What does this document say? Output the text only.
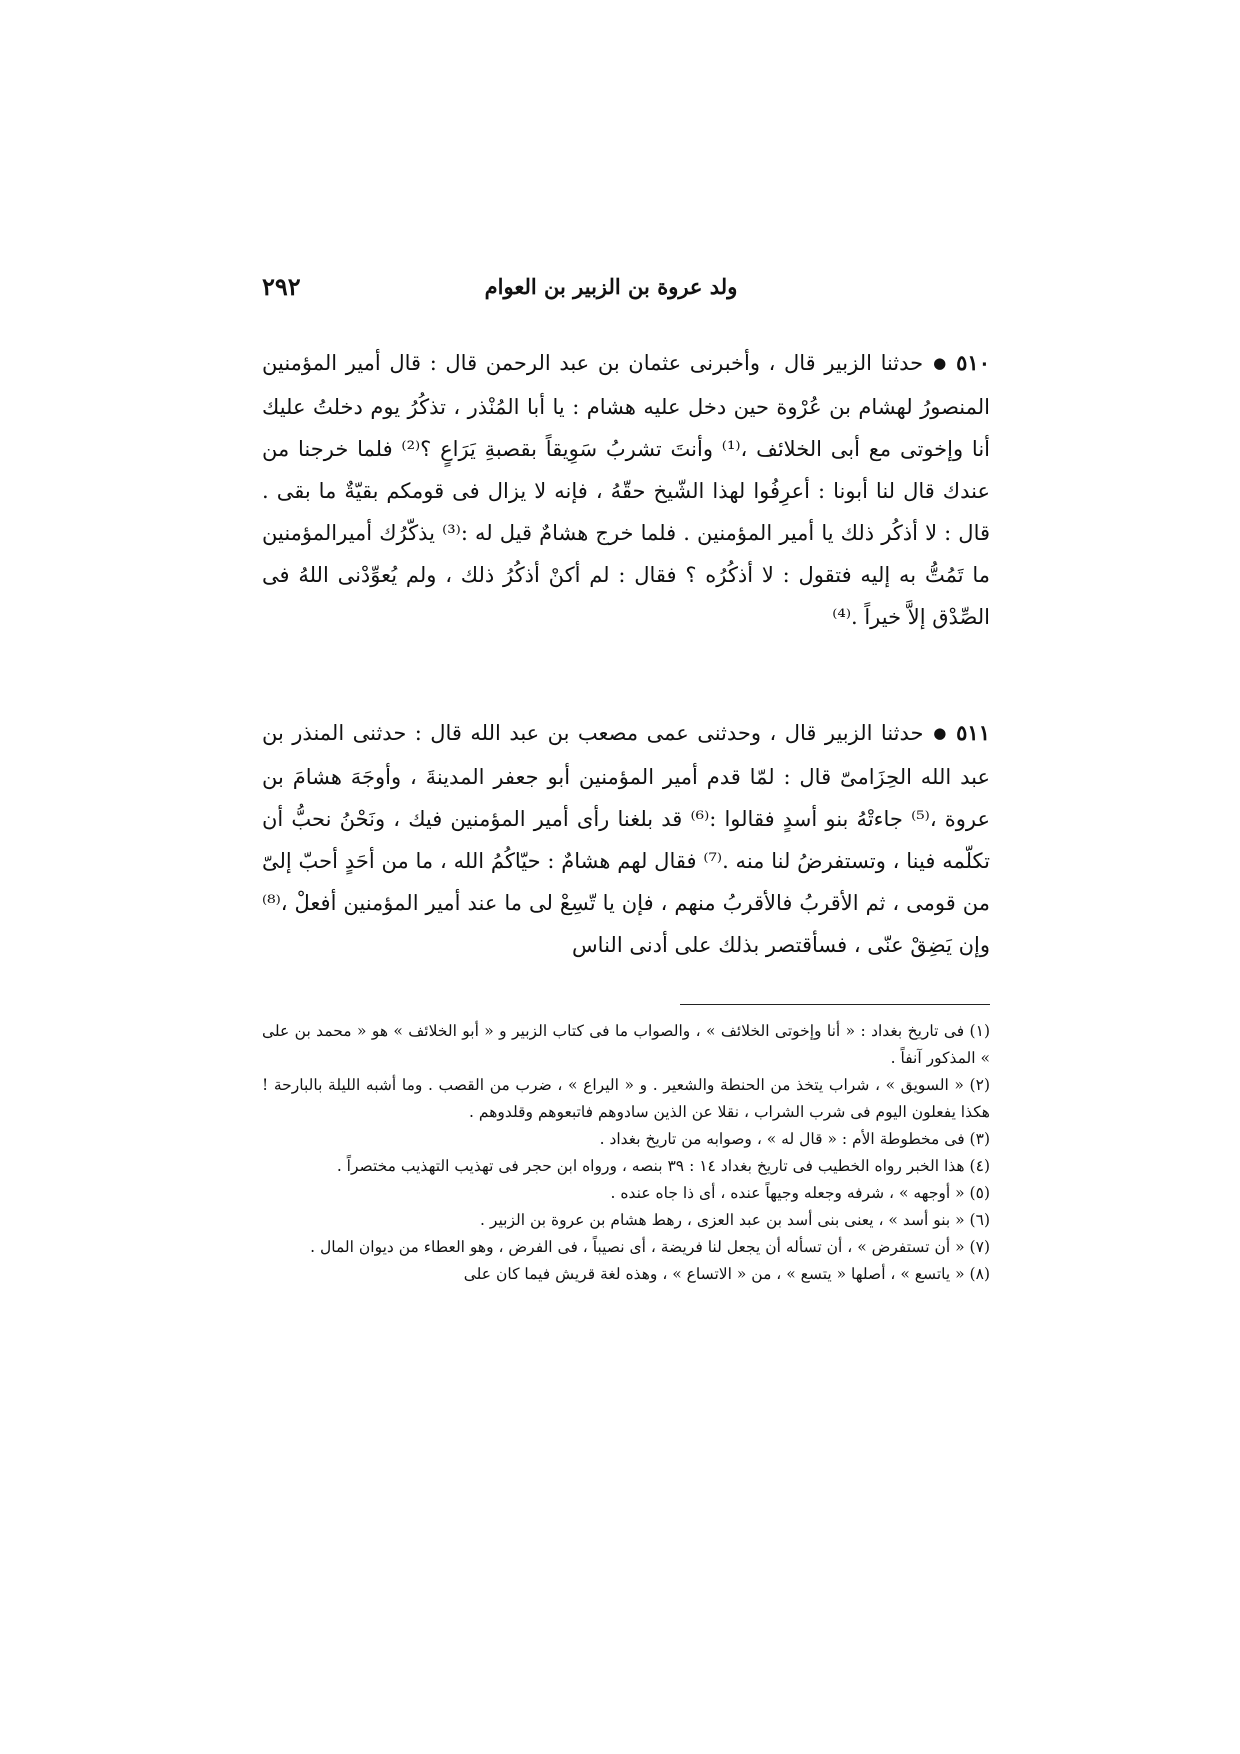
٢٩٢	ولد عروة بن الزبير بن العوام
٥١٠●حدثنا الزبير قال ، وأخبرنى عثمان بن عبد الرحمن قال : قال أمير المؤمنين المنصورُ لهشام بن عُرْوة حين دخل عليه هشام : يا أبا المُنْذر ، تذكُرُ يوم دخلتُ عليك أنا وإخوتى مع أبى الخلائف ،⁽¹⁾ وأنتَ تشربُ سَوِيقاً بقصبةِ يَرَاعٍ ؟⁽²⁾ فلما خرجنا من عندك قال لنا أبونا : أعرِفُوا لهذا الشّيخ حقّهُ ، فإنه لا يزال فى قومكم بقيّةٌ ما بقى . قال : لا أذكُر ذلك يا أمير المؤمنين . فلما خرج هشامٌ قيل له :⁽³⁾ يذكّرُك أميرالمؤمنين ما تَمُتُّ به إليه فتقول : لا أذكُرُه ؟ فقال : لم أكنْ أذكُرُ ذلك ، ولم يُعوِّدْنى اللهُ فى الصِّدْق إلاَّ خيراً .⁽⁴⁾
٥١١●حدثنا الزبير قال ، وحدثنى عمى مصعب بن عبد الله قال : حدثنى المنذر بن عبد الله الحِزَامىّ قال : لمّا قدم أمير المؤمنين أبو جعفر المدينةَ ، وأوجَهَ هشامَ بن عروة ،⁽⁵⁾ جاءتْهُ بنو أسدٍ فقالوا :⁽⁶⁾ قد بلغنا رأى أمير المؤمنين فيك ، ونَحْنُ نحبُّ أن تكلّمه فينا ، وتستفرضُ لنا منه .⁽⁷⁾ فقال لهم هشامٌ : حيّاكُمُ الله ، ما من أحَدٍ أحبّ إلىّ من قومى ، ثم الأقربُ فالأقربُ منهم ، فإن يا تّسِعْ لى ما عند أمير المؤمنين أفعلْ ،⁽⁸⁾ وإن يَضِقْ عنّى ، فسأقتصر بذلك على أدنى الناس

(١) فى تاريخ بغداد : « أنا وإخوتى الخلائف » ، والصواب ما فى كتاب الزبير و « أبو الخلائف » هو « محمد بن على » المذكور آنفاً .

(٢) « السويق » ، شراب يتخذ من الحنطة والشعير . و « اليراع » ، ضرب من القصب . وما أشبه الليلة بالبارحة ! هكذا يفعلون اليوم فى شرب الشراب ، نقلا عن الذين سادوهم فاتبعوهم وقلدوهم .

(٣) فى مخطوطة الأم : « قال له » ، وصوابه من تاريخ بغداد .

(٤) هذا الخبر رواه الخطيب فى تاريخ بغداد ١٤ : ٣٩ بنصه ، ورواه ابن حجر فى تهذيب التهذيب مختصراً .

(٥) « أوجهه » ، شرفه وجعله وجيهاً عنده ، أى ذا جاه عنده .

(٦) « بنو أسد » ، يعنى بنى أسد بن عبد العزى ، رهط هشام بن عروة بن الزبير .

(٧) « أن تستفرض » ، أن تسأله أن يجعل لنا فريضة ، أى نصيباً ، فى الفرض ، وهو العطاء من ديوان المال .

(٨) « ياتسع » ، أصلها « يتسع » ، من « الاتساع » ، وهذه لغة قريش فيما كان على
